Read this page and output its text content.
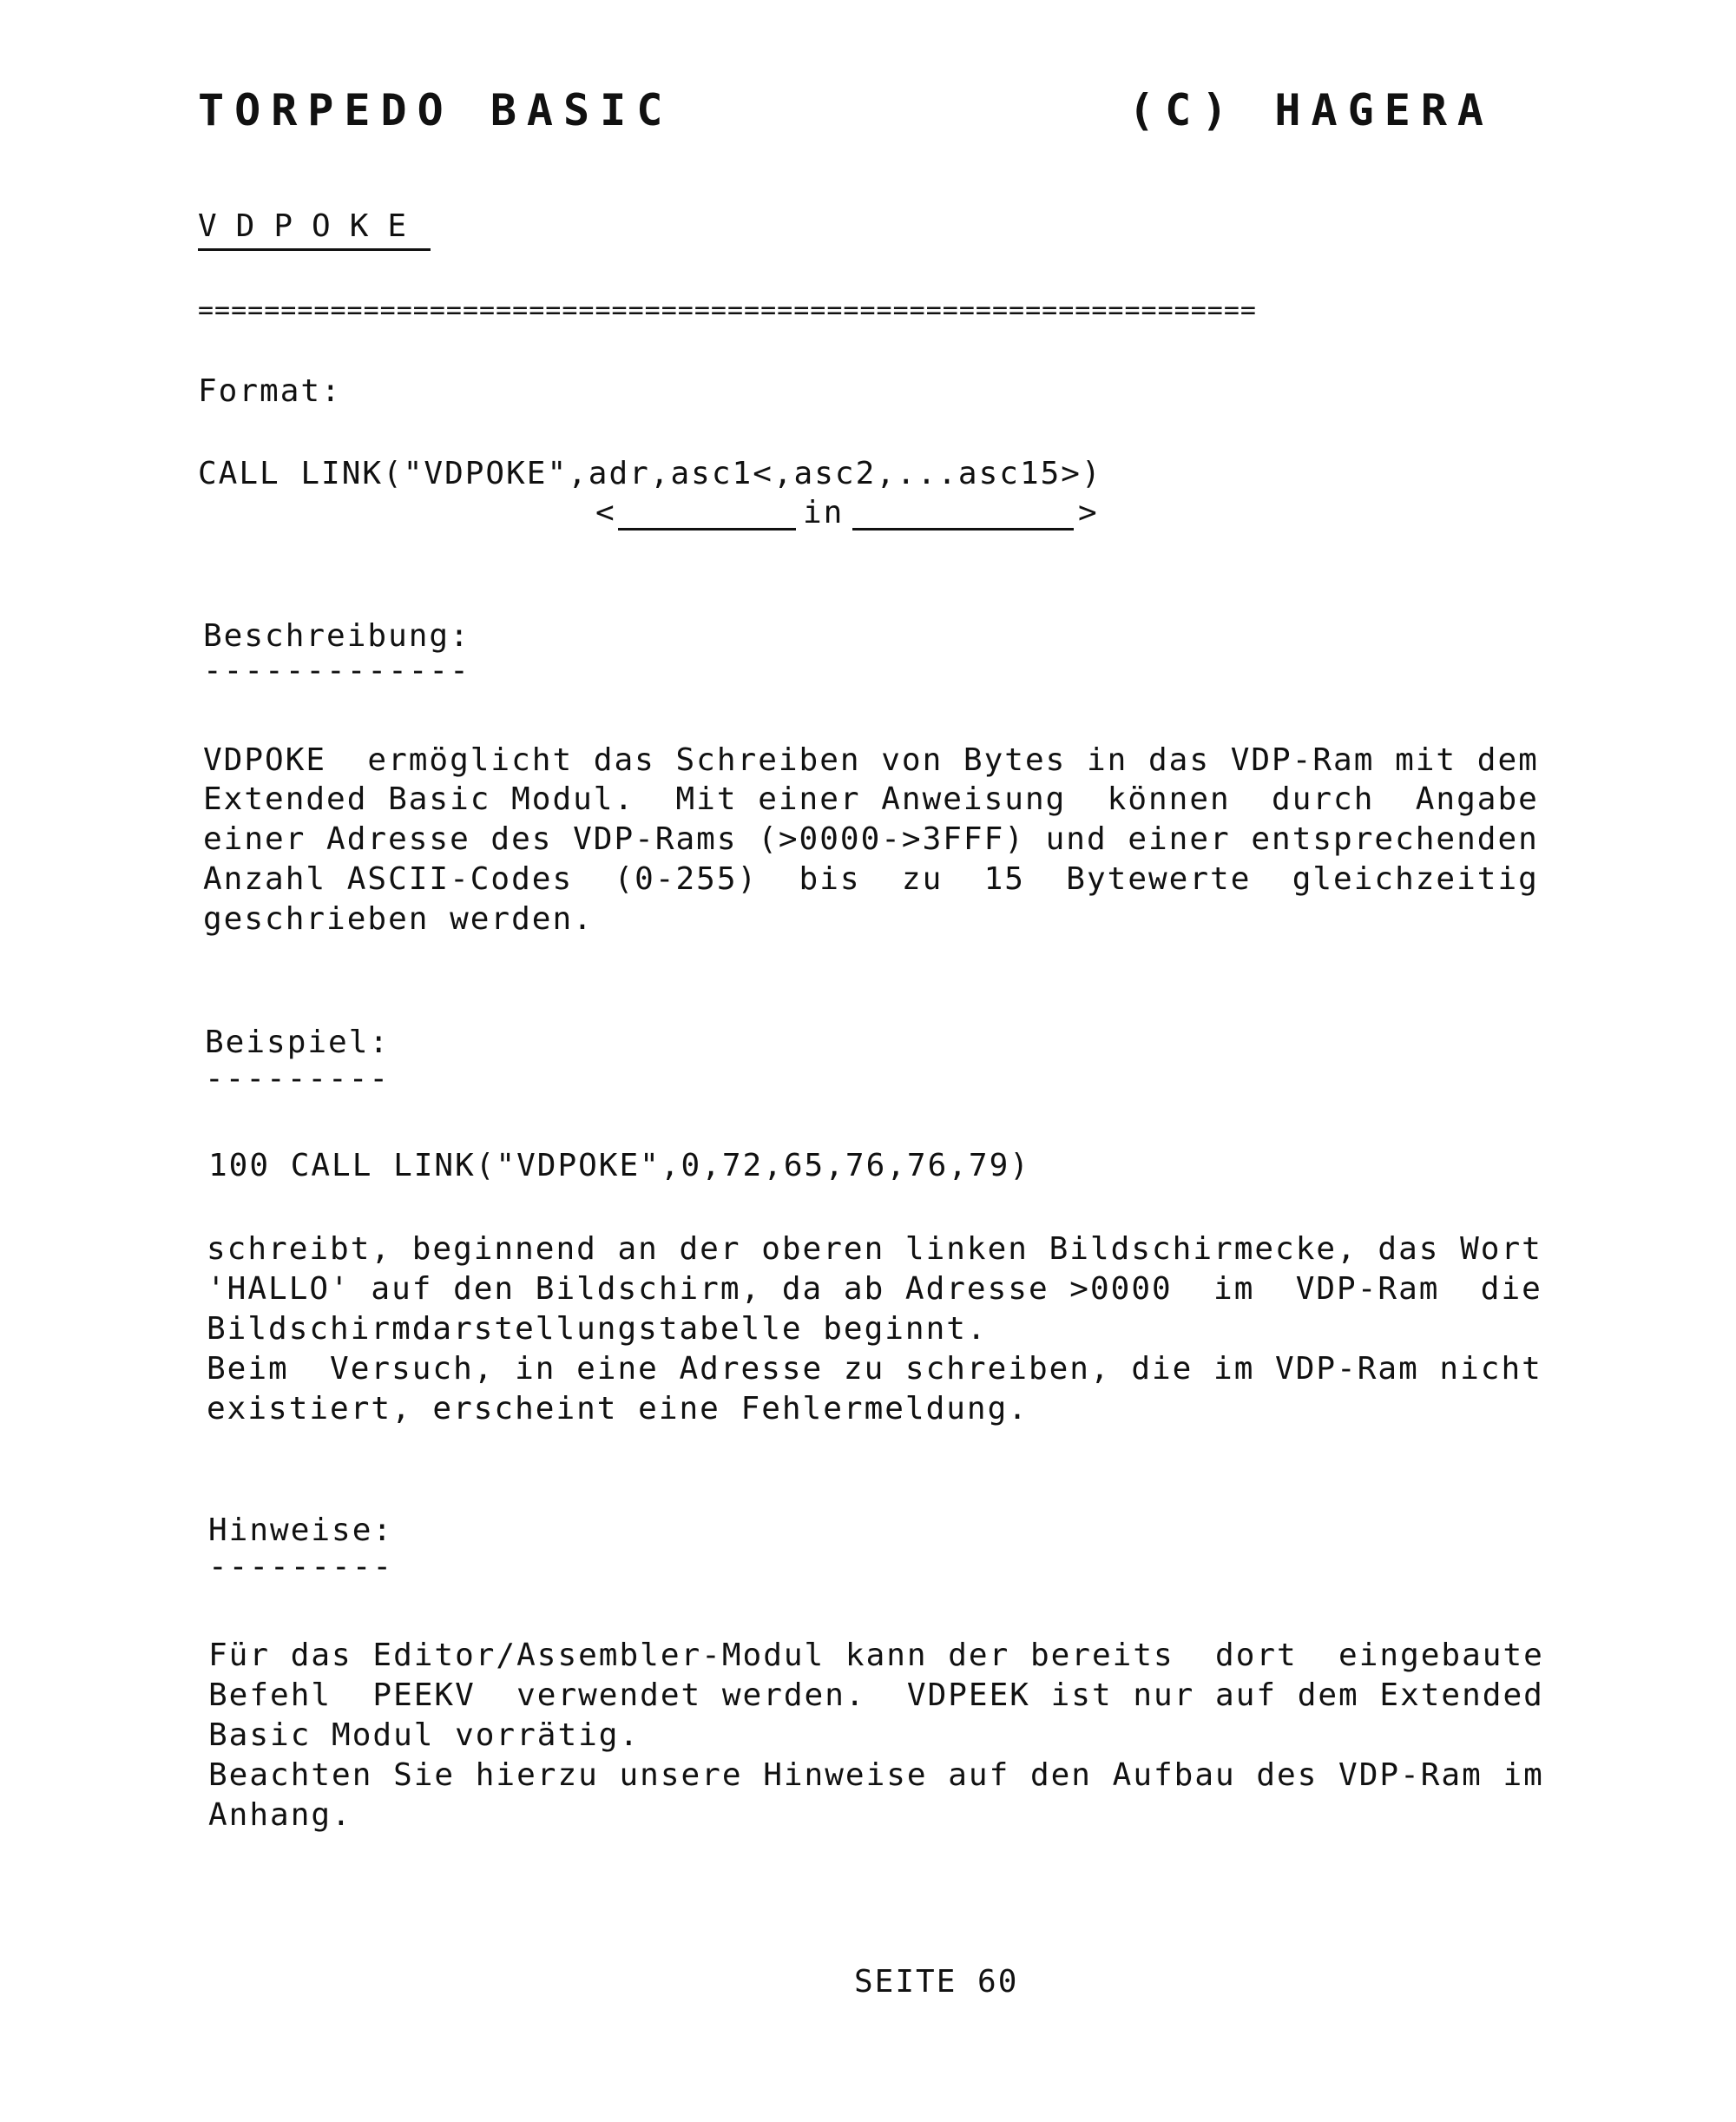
TORPEDO BASIC	(C) HAGERA
VDPOKE
================================================================
Format:
CALL LINK("VDPOKE",adr,asc1<,asc2,...asc15>)
<	in	>
Beschreibung:
-------------
VDPOKE  ermöglicht das Schreiben von Bytes in das VDP-Ram mit dem
Extended Basic Modul.  Mit einer Anweisung  können  durch  Angabe
einer Adresse des VDP-Rams (>0000->3FFF) und einer entsprechenden
Anzahl ASCII-Codes  (0-255)  bis  zu  15  Bytewerte  gleichzeitig
geschrieben werden.
Beispiel:
---------
100 CALL LINK("VDPOKE",0,72,65,76,76,79)
schreibt, beginnend an der oberen linken Bildschirmecke, das Wort
'HALLO' auf den Bildschirm, da ab Adresse >0000  im  VDP-Ram  die
Bildschirmdarstellungstabelle beginnt.
Beim  Versuch, in eine Adresse zu schreiben, die im VDP-Ram nicht
existiert, erscheint eine Fehlermeldung.
Hinweise:
---------
Für das Editor/Assembler-Modul kann der bereits  dort  eingebaute
Befehl  PEEKV  verwendet werden.  VDPEEK ist nur auf dem Extended
Basic Modul vorrätig.
Beachten Sie hierzu unsere Hinweise auf den Aufbau des VDP-Ram im
Anhang.
SEITE 60
